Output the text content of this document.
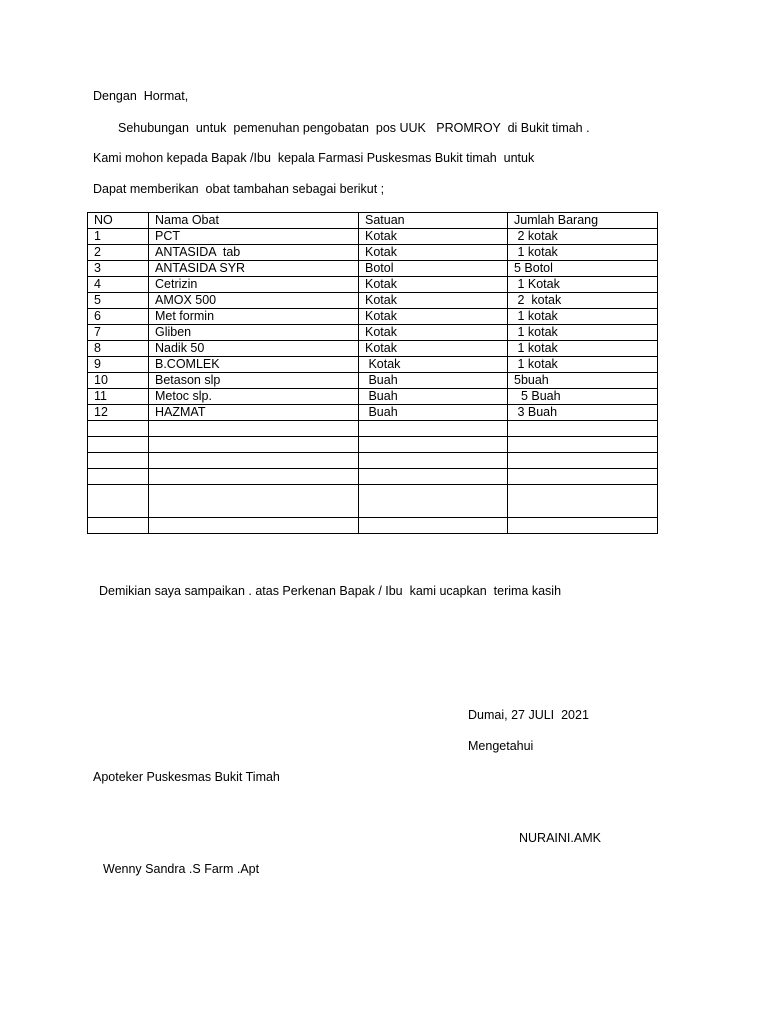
Dengan  Hormat,
Sehubungan  untuk  pemenuhan pengobatan  pos UUK   PROMROY  di Bukit timah .
Kami mohon kepada Bapak /Ibu  kepala Farmasi Puskesmas Bukit timah  untuk
Dapat memberikan  obat tambahan sebagai berikut ;
NO	Nama Obat	Satuan	Jumlah Barang
1	PCT	Kotak	2 kotak
2	ANTASIDA  tab	Kotak	1 kotak
3	ANTASIDA SYR	Botol	5 Botol
4	Cetrizin	Kotak	1 Kotak
5	AMOX 500	Kotak	2  kotak
6	Met formin	Kotak	1 kotak
7	Gliben	Kotak	1 kotak
8	Nadik 50	Kotak	1 kotak
9	B.COMLEK	Kotak	1 kotak
10	Betason slp	Buah	5buah
11	Metoc slp.	Buah	5 Buah
12	HAZMAT	Buah	3 Buah

Demikian saya sampaikan . atas Perkenan Bapak / Ibu  kami ucapkan  terima kasih
Dumai, 27 JULI  2021
Mengetahui
Apoteker Puskesmas Bukit Timah
NURAINI.AMK
Wenny Sandra .S Farm .Apt
